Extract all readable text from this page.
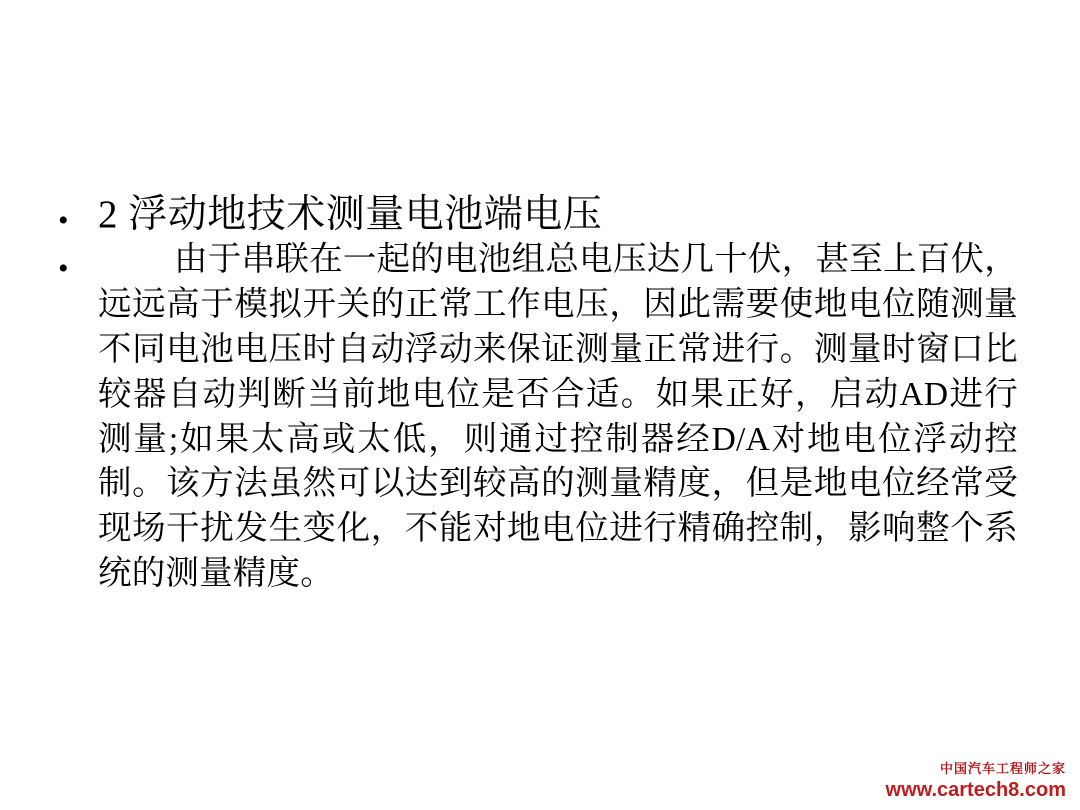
• 2 浮动地技术测量电池端电压
•	由于串联在一起的电池组总电压达几十伏，甚至上百伏，远远高于模拟开关的正常工作电压，因此需要使地电位随测量不同电池电压时自动浮动来保证测量正常进行。测量时窗口比较器自动判断当前地电位是否合适。如果正好，启动AD进行测量;如果太高或太低，则通过控制器经D/A对地电位浮动控制。该方法虽然可以达到较高的测量精度，但是地电位经常受现场干扰发生变化，不能对地电位进行精确控制，影响整个系统的测量精度。
中国汽车工程师之家
www.cartech8.com
